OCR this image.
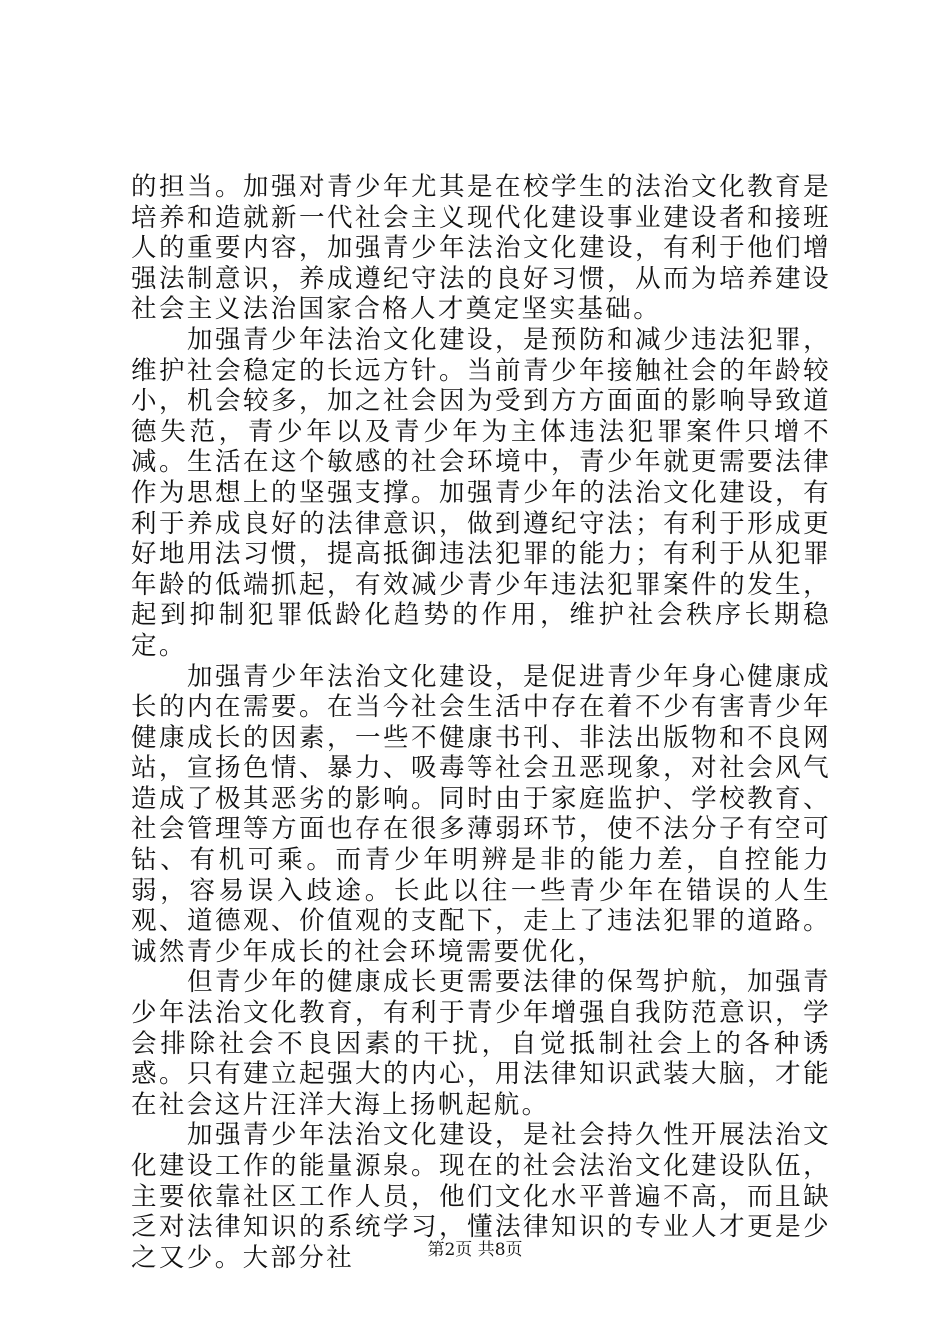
的担当。加强对青少年尤其是在校学生的法治文化教育是培养和造就新一代社会主义现代化建设事业建设者和接班人的重要内容，加强青少年法治文化建设，有利于他们增强法制意识，养成遵纪守法的良好习惯，从而为培养建设社会主义法治国家合格人才奠定坚实基础。

加强青少年法治文化建设，是预防和减少违法犯罪，维护社会稳定的长远方针。当前青少年接触社会的年龄较小，机会较多，加之社会因为受到方方面面的影响导致道德失范，青少年以及青少年为主体违法犯罪案件只增不减。生活在这个敏感的社会环境中，青少年就更需要法律作为思想上的坚强支撑。加强青少年的法治文化建设，有利于养成良好的法律意识，做到遵纪守法；有利于形成更好地用法习惯，提高抵御违法犯罪的能力；有利于从犯罪年龄的低端抓起，有效减少青少年违法犯罪案件的发生，起到抑制犯罪低龄化趋势的作用，维护社会秩序长期稳定。

加强青少年法治文化建设，是促进青少年身心健康成长的内在需要。在当今社会生活中存在着不少有害青少年健康成长的因素，一些不健康书刊、非法出版物和不良网站，宣扬色情、暴力、吸毒等社会丑恶现象，对社会风气造成了极其恶劣的影响。同时由于家庭监护、学校教育、社会管理等方面也存在很多薄弱环节，使不法分子有空可钻、有机可乘。而青少年明辨是非的能力差，自控能力弱，容易误入歧途。长此以往一些青少年在错误的人生观、道德观、价值观的支配下，走上了违法犯罪的道路。诚然青少年成长的社会环境需要优化，

但青少年的健康成长更需要法律的保驾护航，加强青少年法治文化教育，有利于青少年增强自我防范意识，学会排除社会不良因素的干扰，自觉抵制社会上的各种诱惑。只有建立起强大的内心，用法律知识武装大脑，才能在社会这片汪洋大海上扬帆起航。

加强青少年法治文化建设，是社会持久性开展法治文化建设工作的能量源泉。现在的社会法治文化建设队伍，主要依靠社区工作人员，他们文化水平普遍不高，而且缺乏对法律知识的系统学习，懂法律知识的专业人才更是少之又少。大部分社	第2页 共8页
